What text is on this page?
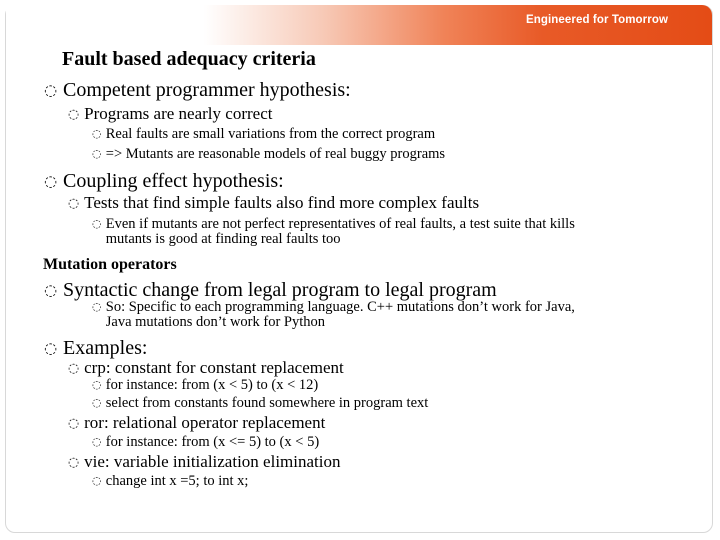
Engineered for Tomorrow
Fault based adequacy criteria
◌Competent programmer hypothesis:
◌Programs are nearly correct
◌Real faults are small variations from the correct program
◌=> Mutants are reasonable models of real buggy programs
◌Coupling effect hypothesis:
◌Tests that find simple faults also find more complex faults
◌Even if mutants are not perfect representatives of real faults, a test suite that kills
mutants is good at finding real faults too
Mutation operators
◌Syntactic change from legal program to legal program
◌So: Specific to each programming language. C++ mutations don’t work for Java,
Java mutations don’t work for Python
◌Examples:
◌crp: constant for constant replacement
◌for instance: from (x < 5) to (x < 12)
◌select from constants found somewhere in program text
◌ror: relational operator replacement
◌for instance: from (x <= 5) to (x < 5)
◌vie: variable initialization elimination
◌change int x =5; to int x;
